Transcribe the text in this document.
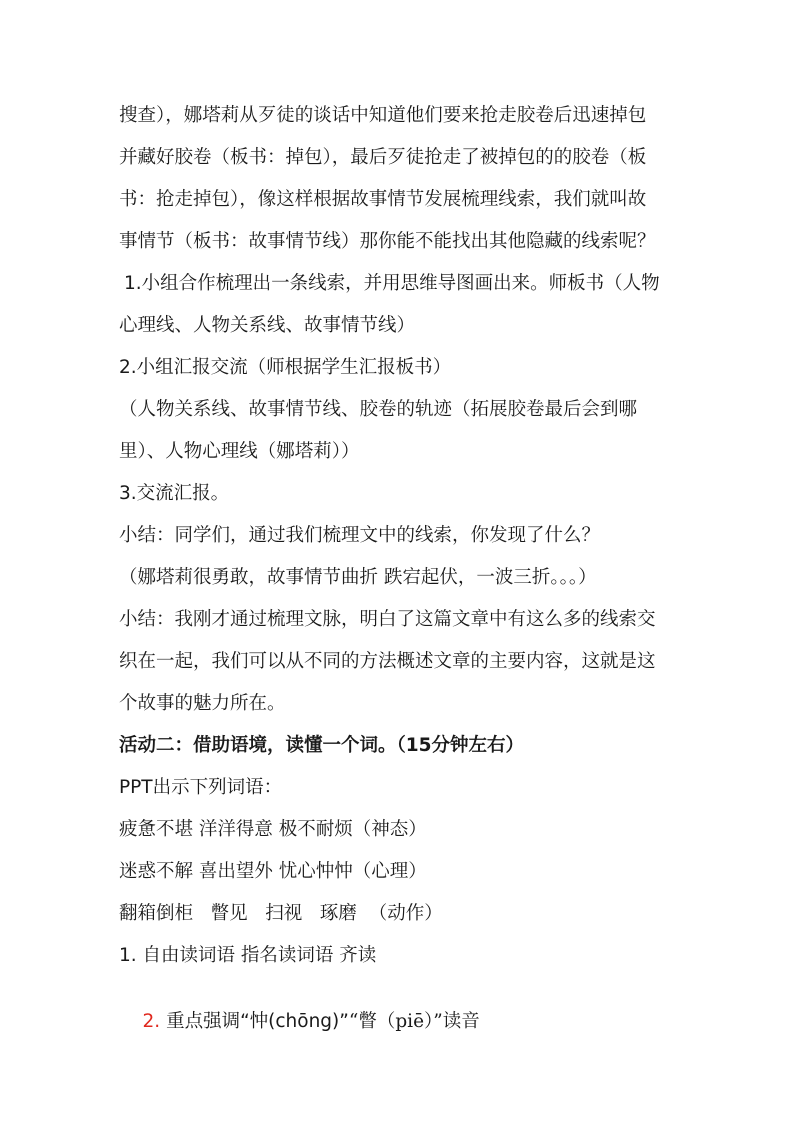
搜查），娜塔莉从歹徒的谈话中知道他们要来抢走胶卷后迅速掉包
并藏好胶卷（板书：掉包），最后歹徒抢走了被掉包的的胶卷（板
书：抢走掉包），像这样根据故事情节发展梳理线索，我们就叫故
事情节（板书：故事情节线）那你能不能找出其他隐藏的线索呢？
1.小组合作梳理出一条线索，并用思维导图画出来。师板书（人物
心理线、人物关系线、故事情节线）
2.小组汇报交流（师根据学生汇报板书）
（人物关系线、故事情节线、胶卷的轨迹（拓展胶卷最后会到哪
里）、人物心理线（娜塔莉））
3.交流汇报。
小结：同学们，通过我们梳理文中的线索，你发现了什么？
（娜塔莉很勇敢，故事情节曲折 跌宕起伏，一波三折。。。）
小结：我刚才通过梳理文脉，明白了这篇文章中有这么多的线索交
织在一起，我们可以从不同的方法概述文章的主要内容，这就是这
个故事的魅力所在。
活动二：借助语境，读懂一个词。（15分钟左右）
PPT出示下列词语：
疲惫不堪 洋洋得意 极不耐烦（神态）
迷惑不解 喜出望外 忧心忡忡（心理）
翻箱倒柜   瞥见   扫视   琢磨  （动作）
1. 自由读词语 指名读词语 齐读

2. 重点强调“忡(chōng)”“瞥（piē）”读音
